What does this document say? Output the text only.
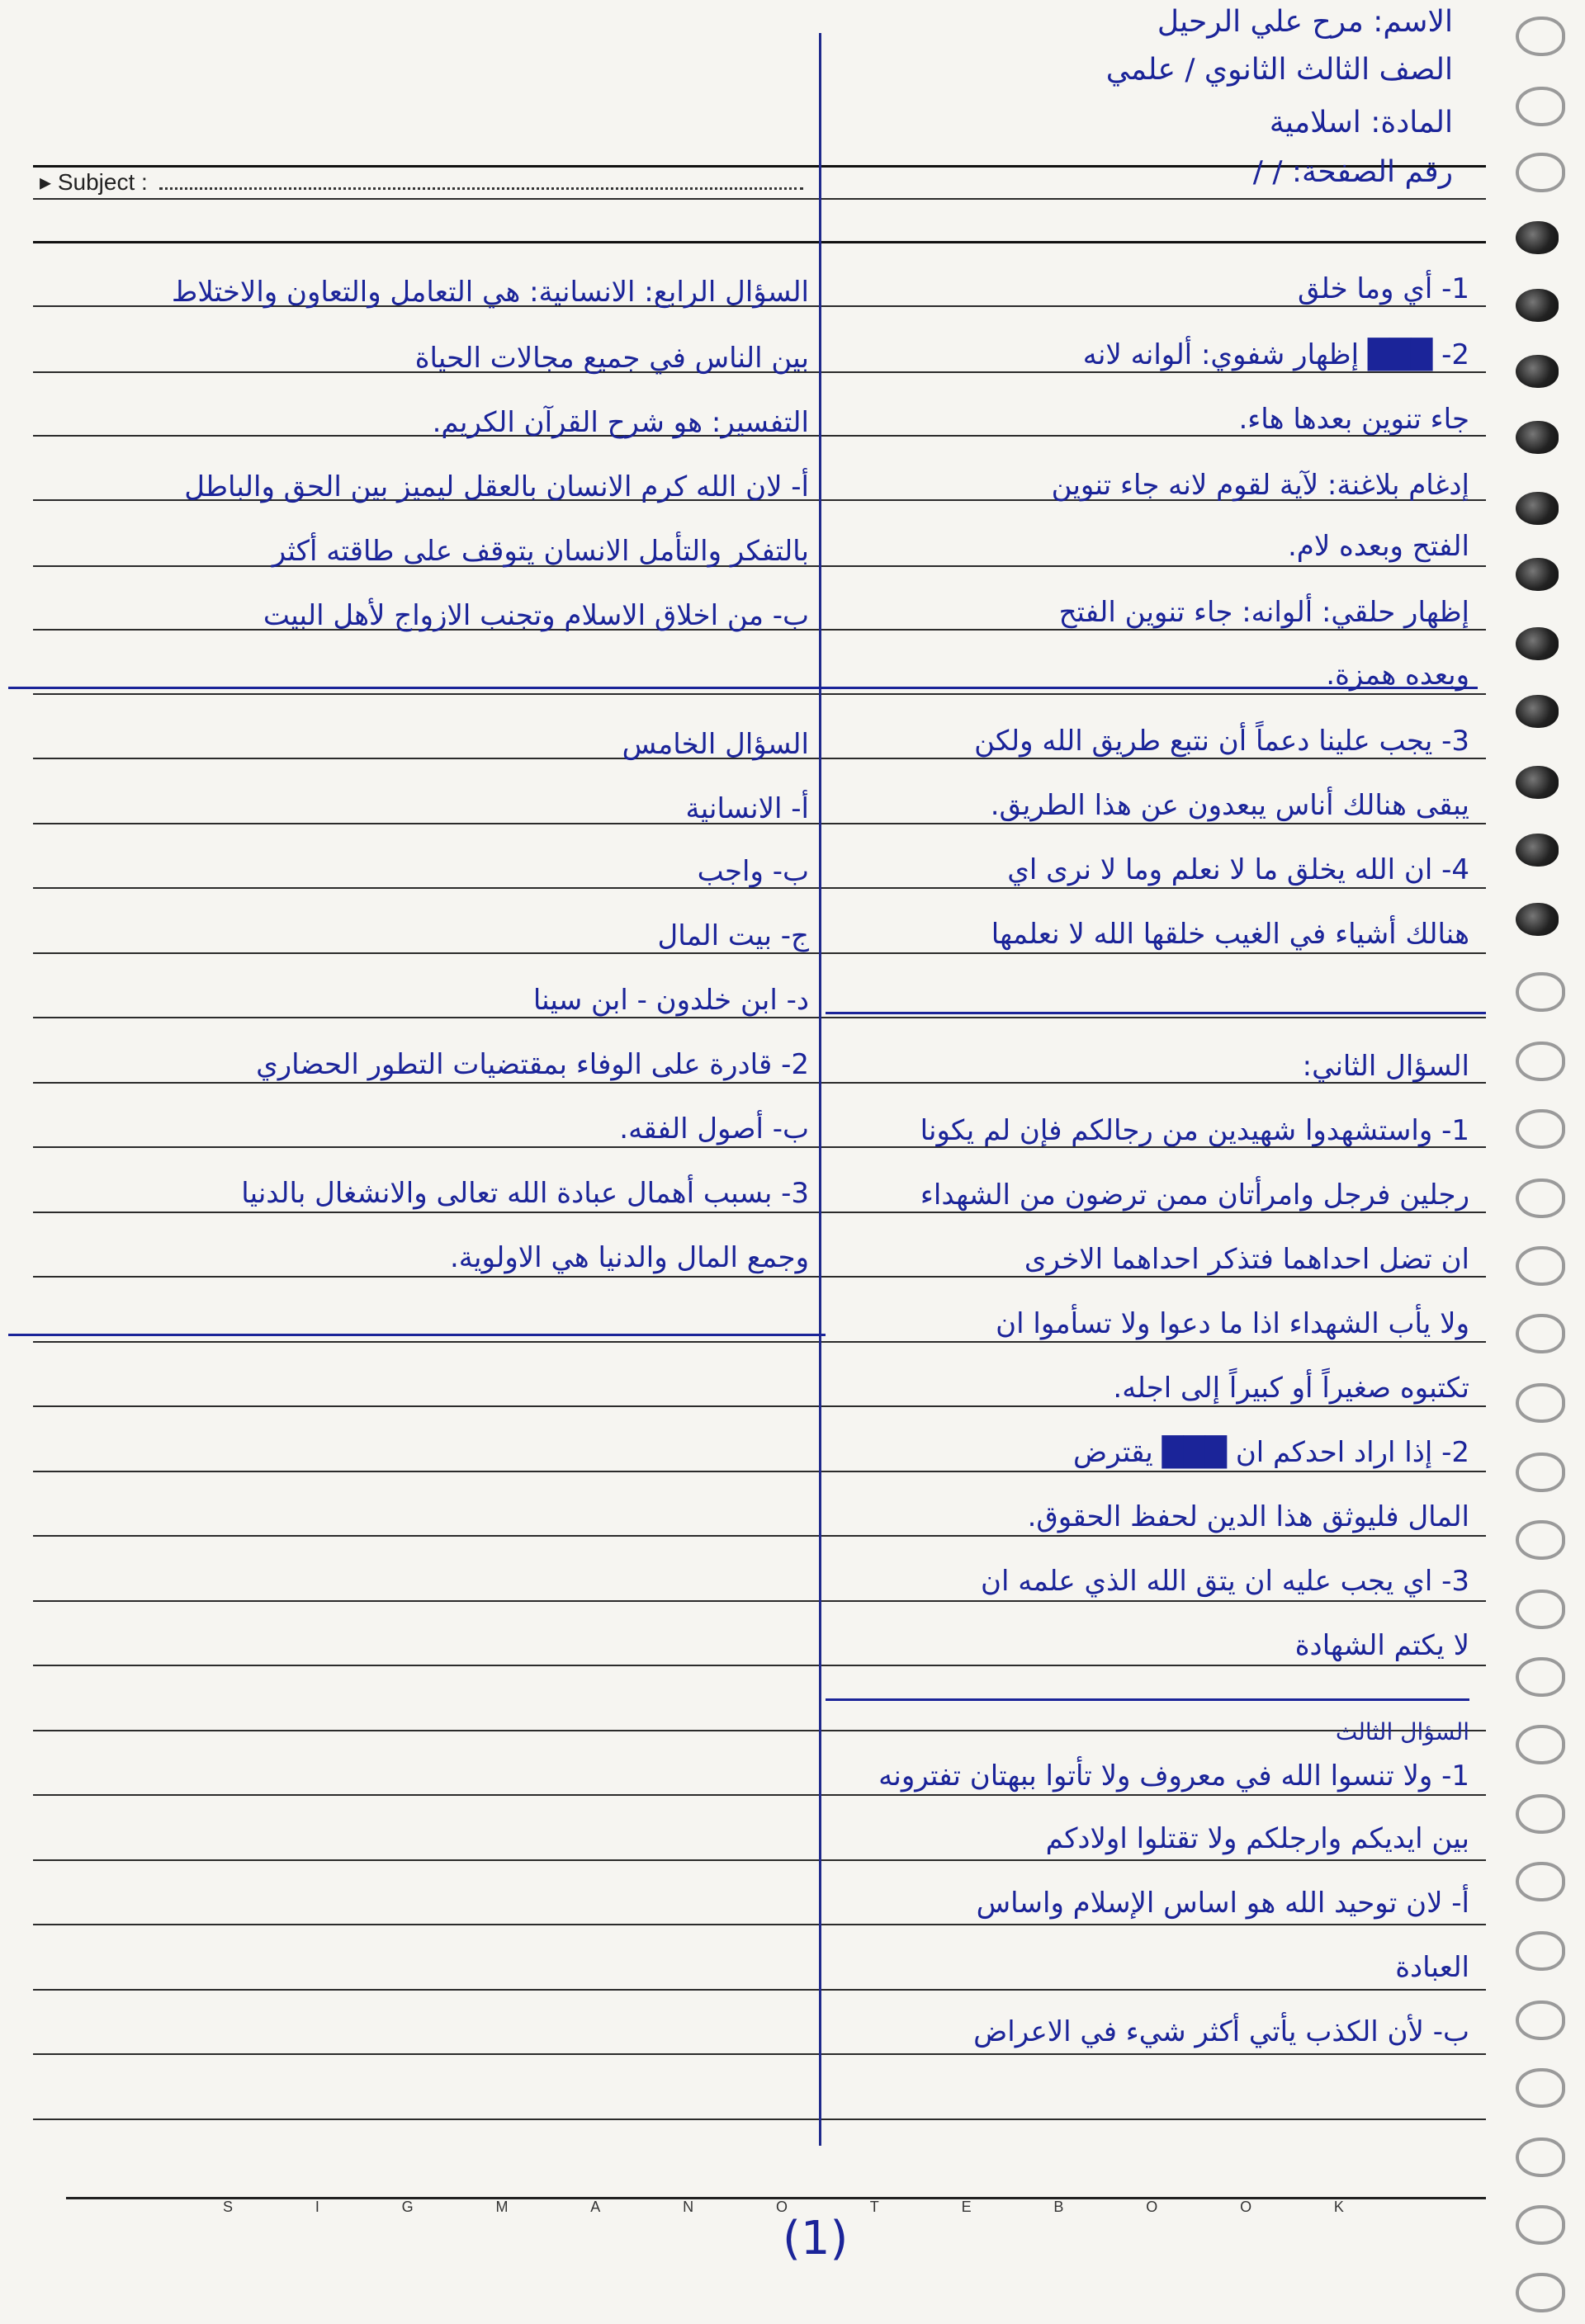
▸ Subject :
الاسم: مرح علي الرحيل
الصف الثالث الثانوي / علمي
المادة: اسلامية
رقم الصفحة: / /
1- أي وما خلق
2- ███ إظهار شفوي: ألوانه لانه
جاء تنوين بعدها هاء.
إدغام بلاغنة: لآية لقوم لانه جاء تنوين
الفتح وبعده لام.
إظهار حلقي: ألوانه: جاء تنوين الفتح
وبعده همزة.
3- يجب علينا دعماً أن نتبع طريق الله ولكن
يبقى هنالك أناس يبعدون عن هذا الطريق.
4- ان الله يخلق ما لا نعلم وما لا نرى اي
هنالك أشياء في الغيب خلقها الله لا نعلمها
السؤال الثاني:
1- واستشهدوا شهيدين من رجالكم فإن لم يكونا
رجلين فرجل وامرأتان ممن ترضون من الشهداء
ان تضل احداهما فتذكر احداهما الاخرى
ولا يأب الشهداء اذا ما دعوا ولا تسأموا ان
تكتبوه صغيراً أو كبيراً إلى اجله.
2- إذا اراد احدكم ان ███ يقترض
المال فليوثق هذا الدين لحفظ الحقوق.
3- اي يجب عليه ان يتق الله الذي علمه ان
لا يكتم الشهادة
السؤال الثالث
1- ولا تنسوا الله في معروف ولا تأتوا ببهتان تفترونه
بين ايديكم وارجلكم ولا تقتلوا اولادكم
أ- لان توحيد الله هو اساس الإسلام واساس
العبادة
ب- لأن الكذب يأتي أكثر شيء في الاعراض
السؤال الرابع: الانسانية: هي التعامل والتعاون والاختلاط
بين الناس في جميع مجالات الحياة
التفسير: هو شرح القرآن الكريم.
أ- لان الله كرم الانسان بالعقل ليميز بين الحق والباطل
بالتفكر والتأمل الانسان يتوقف على طاقته أكثر
ب- من اخلاق الاسلام وتجنب الازواج لأهل البيت
السؤال الخامس
أ- الانسانية
ب- واجب
ج- بيت المال
د- ابن خلدون - ابن سينا
2- قادرة على الوفاء بمقتضيات التطور الحضاري
ب- أصول الفقه.
3- بسبب أهمال عبادة الله تعالى والانشغال بالدنيا
وجمع المال والدنيا هي الاولوية.
S	I	G	M	A	N	O	T	E	B	O	O	K
(1)
